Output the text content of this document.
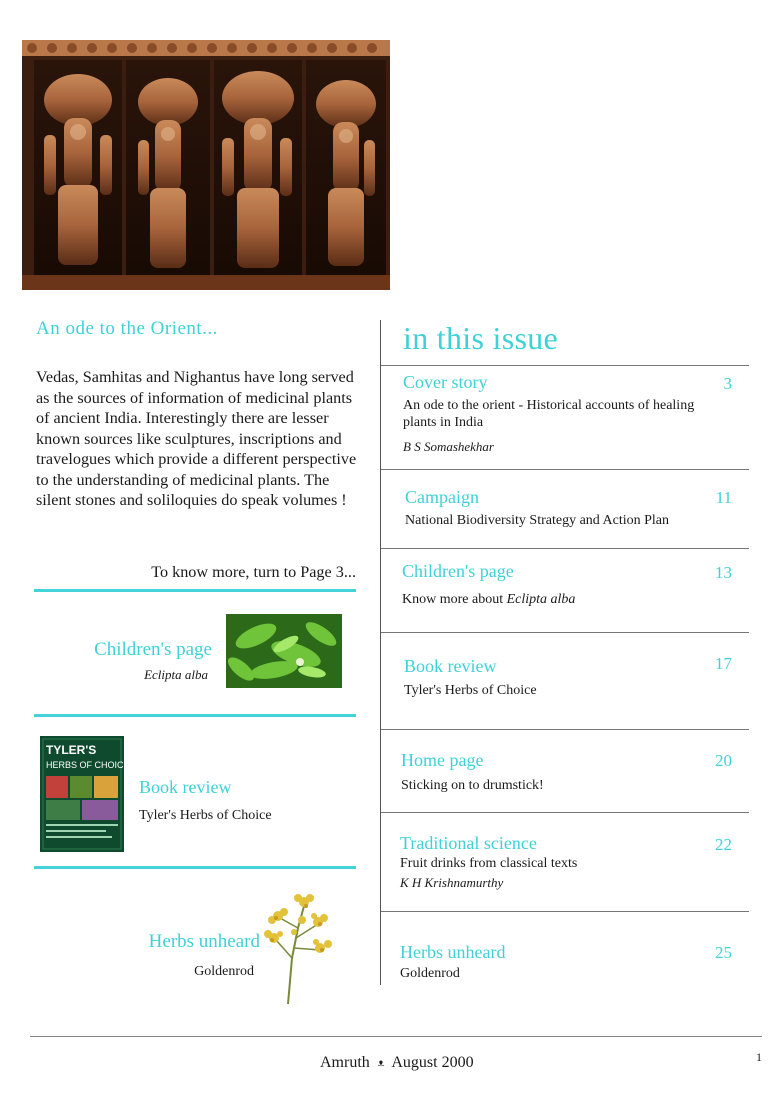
An ode to the Orient...
Vedas, Samhitas and Nighantus have long served as the sources of information of medicinal plants of ancient India. Interestingly there are lesser known sources like sculptures, inscriptions and travelogues which provide a different perspective to the understanding of medicinal plants. The silent stones and soliloquies do speak volumes !
To know more, turn to Page 3...
Children's page
Eclipta alba
TYLER'S
HERBS OF CHOICE
Book review
Tyler's Herbs of Choice
Herbs unheard
Goldenrod
in this issue
Cover story	3
An ode to the orient - Historical accounts of healing plants in India
B S Somashekhar
Campaign	11
National Biodiversity Strategy and Action Plan
Children's page	13
Know more about Eclipta alba
Book review	17
Tyler's Herbs of Choice
Home page	20
Sticking on to drumstick!
Traditional science	22
Fruit drinks from classical texts
K H Krishnamurthy
Herbs unheard	25
Goldenrod
Amruth ᴥ August 2000	1
